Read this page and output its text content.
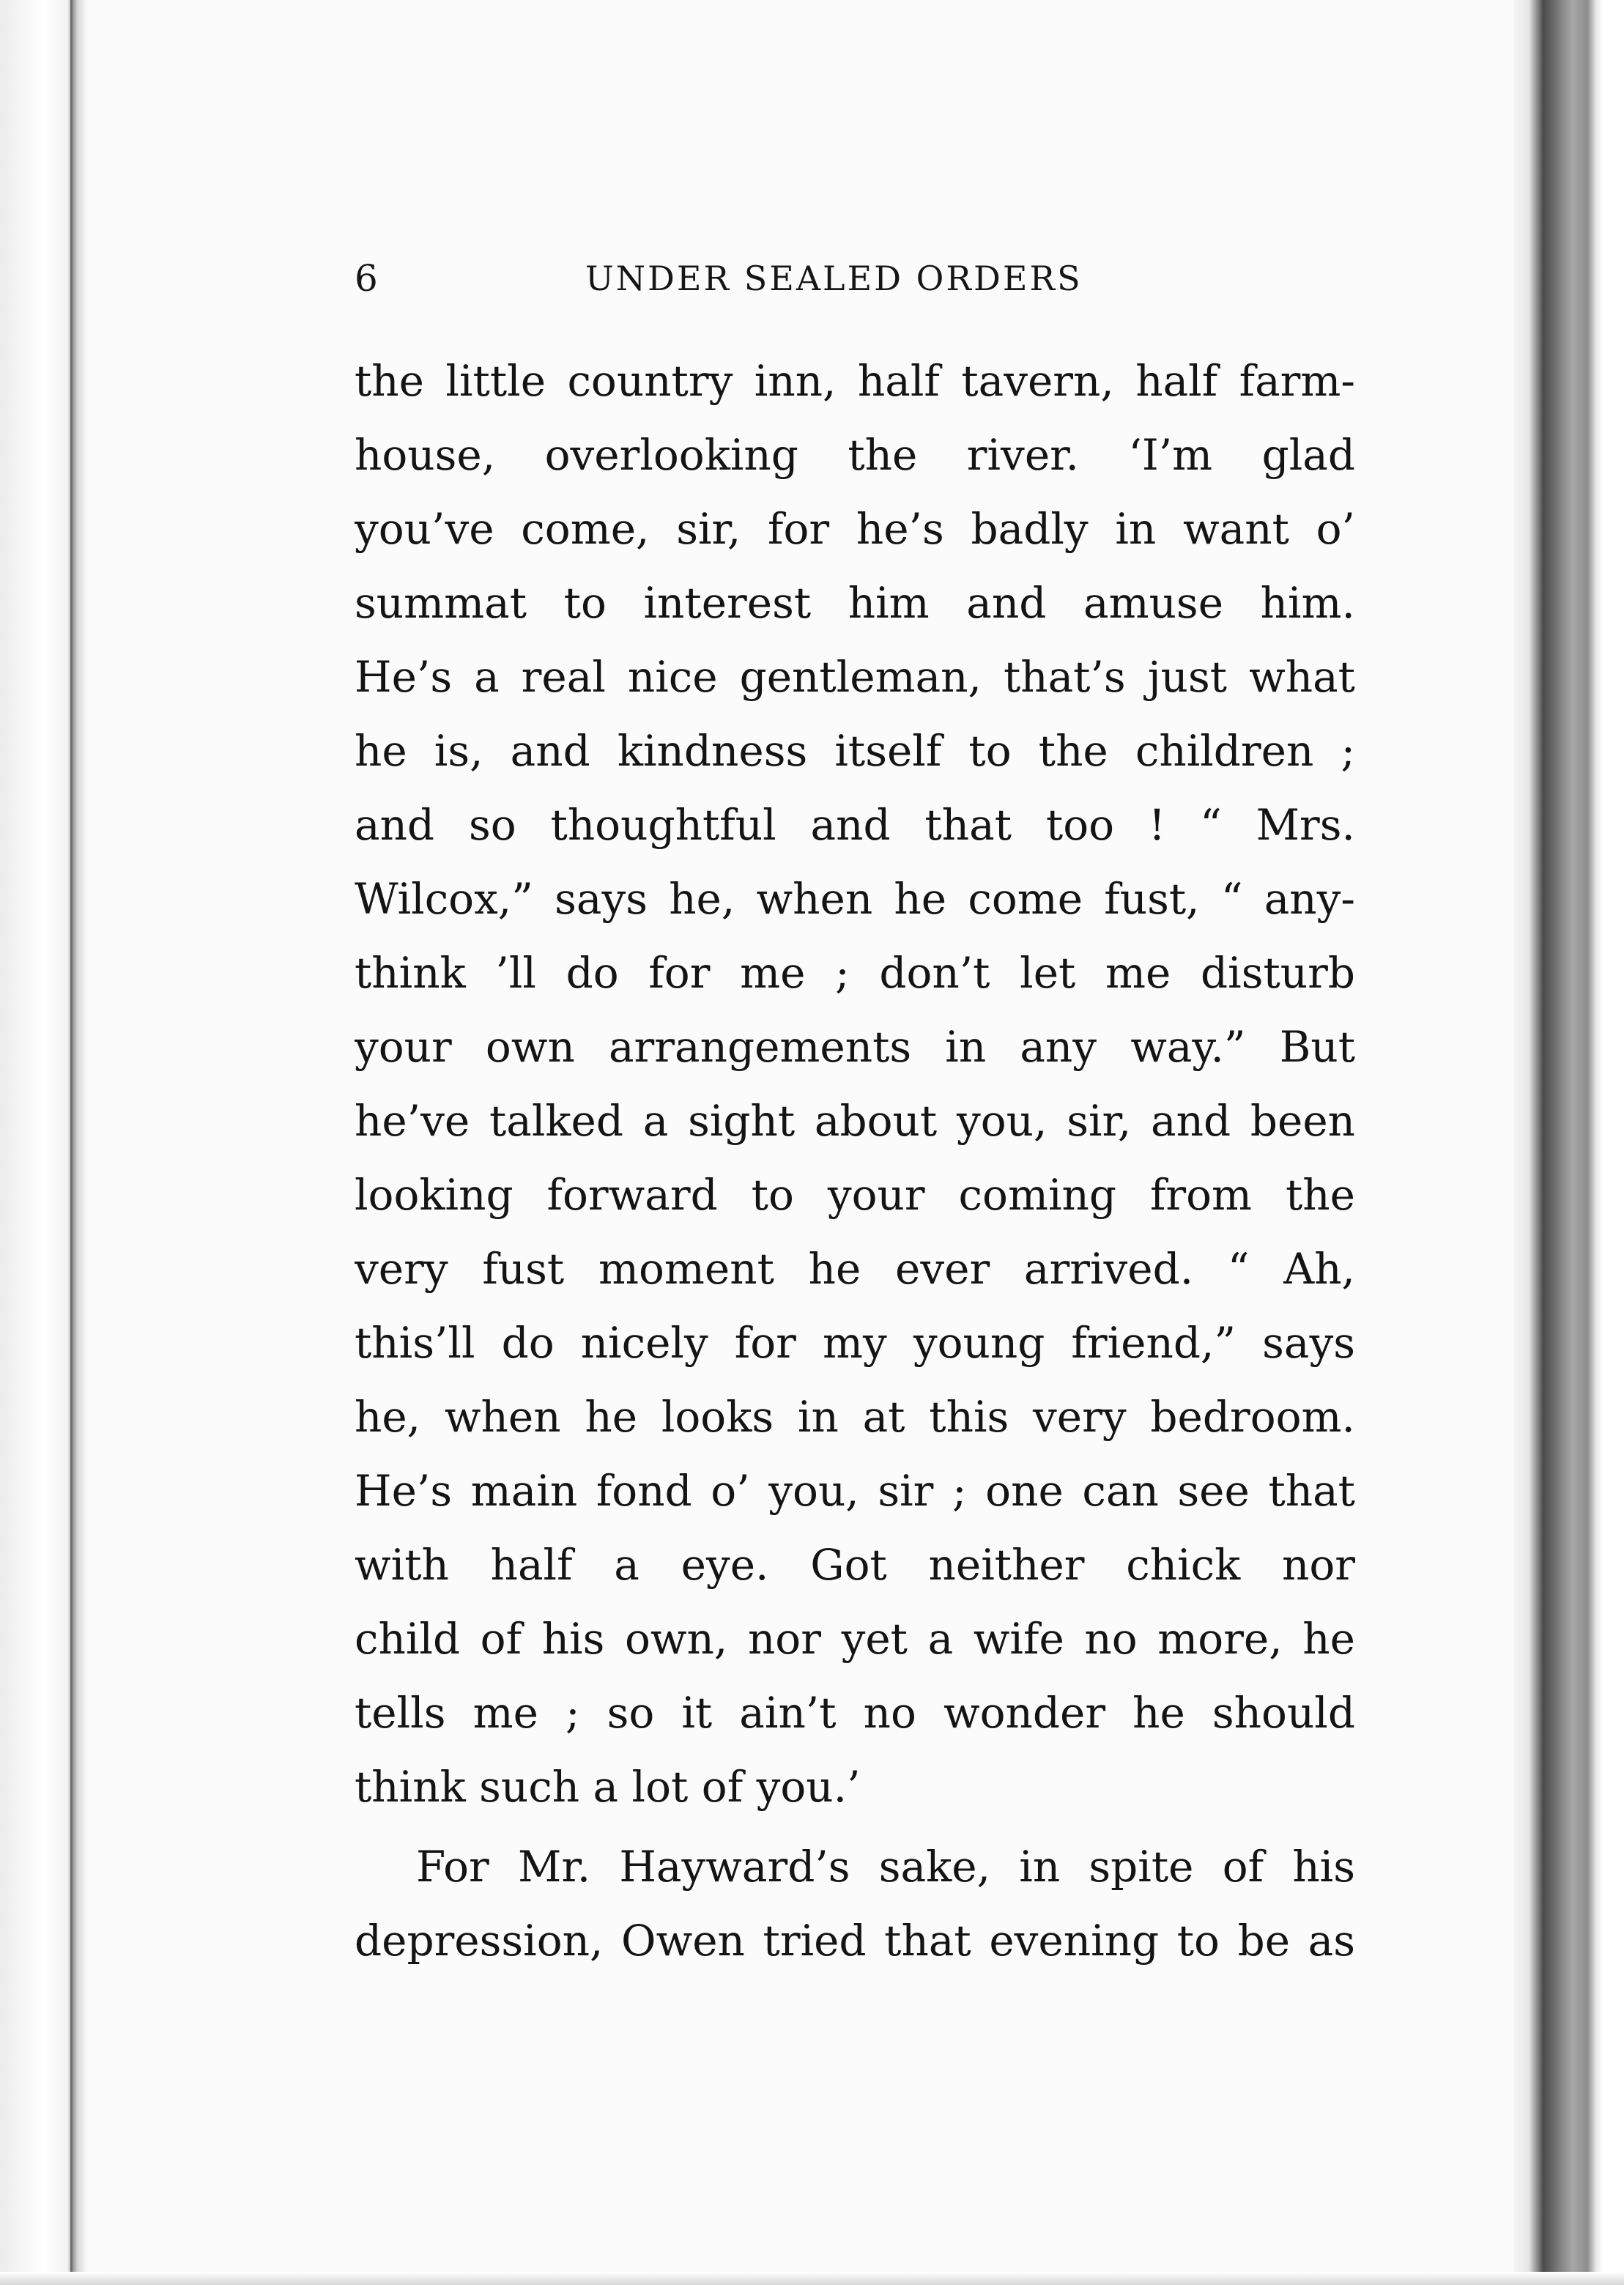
6	UNDER SEALED ORDERS
the little country inn, half tavern, half farm-
house, overlooking the river. ‘I’m glad
you’ve come, sir, for he’s badly in want o’
summat to interest him and amuse him.
He’s a real nice gentleman, that’s just what
he is, and kindness itself to the children ;
and so thoughtful and that too ! “ Mrs.
Wilcox,” says he, when he come fust, “ any-
think ’ll do for me ; don’t let me disturb
your own arrangements in any way.” But
he’ve talked a sight about you, sir, and been
looking forward to your coming from the
very fust moment he ever arrived. “ Ah,
this’ll do nicely for my young friend,” says
he, when he looks in at this very bedroom.
He’s main fond o’ you, sir ; one can see that
with half a eye. Got neither chick nor
child of his own, nor yet a wife no more, he
tells me ; so it ain’t no wonder he should
think such a lot of you.’
For Mr. Hayward’s sake, in spite of his
depression, Owen tried that evening to be as
